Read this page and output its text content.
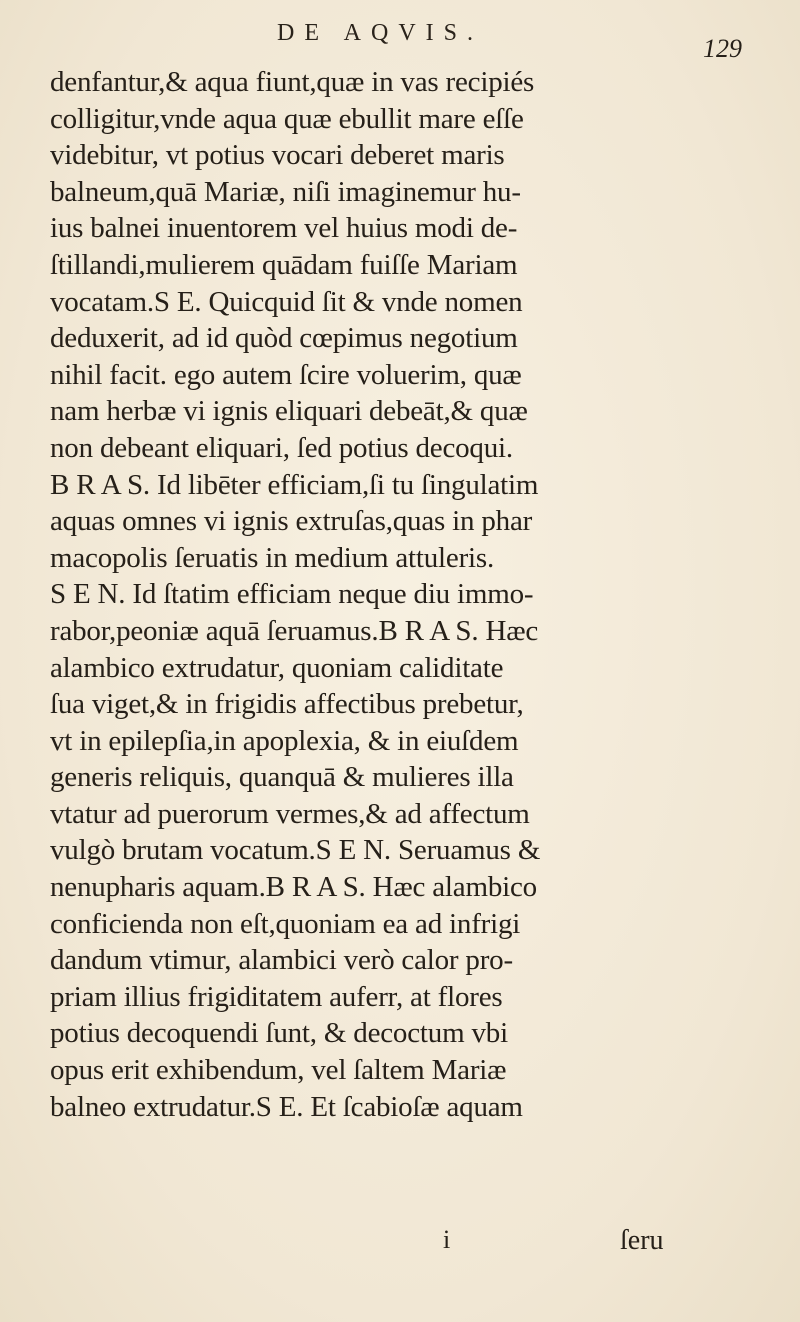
DE AQVIS.
129
denfantur,& aqua fiunt,quæ in vas recipiés
colligitur,vnde aqua quæ ebullit mare eſſe
videbitur, vt potius vocari deberet maris
balneum,quā Mariæ, niſi imaginemur hu-
ius balnei inuentorem vel huius modi de-
ſtillandi,mulierem quādam fuiſſe Mariam
vocatam.S E. Quicquid ſit & vnde nomen
deduxerit, ad id quòd cœpimus negotium
nihil facit. ego autem ſcire voluerim, quæ
nam herbæ vi ignis eliquari debeāt,& quæ
non debeant eliquari, ſed potius decoqui.
B R A S. Id libēter efficiam,ſi tu ſingulatim
aquas omnes vi ignis extruſas,quas in phar
macopolis ſeruatis in medium attuleris.
S E N. Id ſtatim efficiam neque diu immo-
rabor,peoniæ aquā ſeruamus.B R A S. Hæc
alambico extrudatur, quoniam caliditate
ſua viget,& in frigidis affectibus prebetur,
vt in epilepſia,in apoplexia, & in eiuſdem
generis reliquis, quanquā & mulieres illa
vtatur ad puerorum vermes,& ad affectum
vulgò brutam vocatum.S E N. Seruamus &
nenupharis aquam.B R A S. Hæc alambico
conficienda non eſt,quoniam ea ad infrigi
dandum vtimur, alambici verò calor pro-
priam illius frigiditatem auferr, at flores
potius decoquendi ſunt, & decoctum vbi
opus erit exhibendum, vel ſaltem Mariæ
balneo extrudatur.S E. Et ſcabioſæ aquam
i	ſeru
